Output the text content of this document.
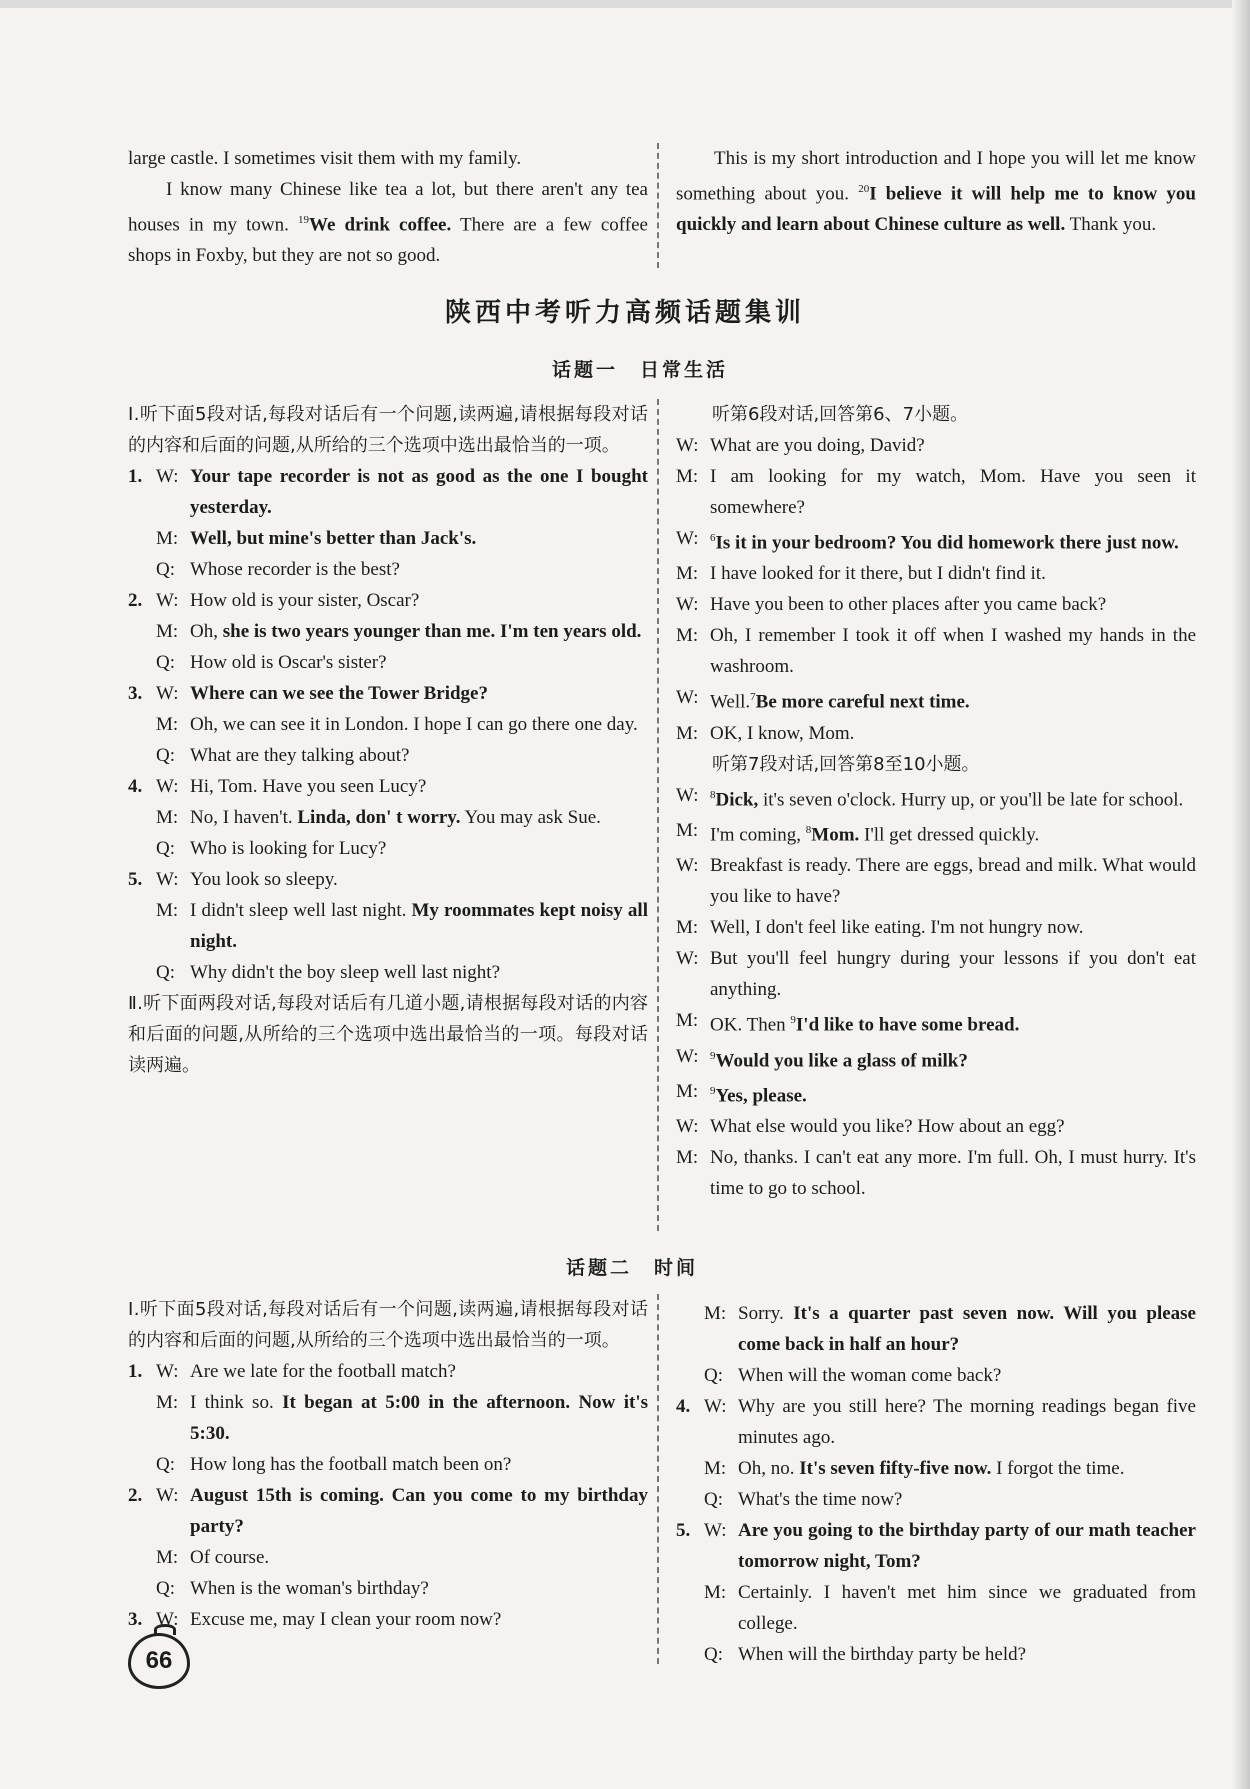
large castle. I sometimes visit them with my family.

I know many Chinese like tea a lot, but there aren't any tea houses in my town. $^{19}$We drink coffee. There are a few coffee shops in Foxby, but they are not so good.

This is my short introduction and I hope you will let me know something about you. $^{20}$I believe it will help me to know you quickly and learn about Chinese culture as well. Thank you.

陕西中考听力高频话题集训
话题一　日常生活

Ⅰ.听下面5段对话,每段对话后有一个问题,读两遍,请根据每段对话的内容和后面的问题,从所给的三个选项中选出最恰当的一项。

1. W: Your tape recorder is not as good as the one I bought yesterday.
M: Well, but mine's better than Jack's.
Q: Whose recorder is the best?
2. W: How old is your sister, Oscar?
M: Oh, she is two years younger than me. I'm ten years old.
Q: How old is Oscar's sister?
3. W: Where can we see the Tower Bridge?
M: Oh, we can see it in London. I hope I can go there one day.
Q: What are they talking about?
4. W: Hi, Tom. Have you seen Lucy?
M: No, I haven't. Linda, don' t worry. You may ask Sue.
Q: Who is looking for Lucy?
5. W: You look so sleepy.
M: I didn't sleep well last night. My roommates kept noisy all night.
Q: Why didn't the boy sleep well last night?

Ⅱ.听下面两段对话,每段对话后有几道小题,请根据每段对话的内容和后面的问题,从所给的三个选项中选出最恰当的一项。每段对话读两遍。

听第6段对话,回答第6、7小题。

W: What are you doing, David?
M: I am looking for my watch, Mom. Have you seen it somewhere?
W:	$^6$Is it in your bedroom? You did homework there just now.
M: I have looked for it there, but I didn't find it.
W: Have you been to other places after you came back?
M: Oh, I remember I took it off when I washed my hands in the washroom.
W: Well.$^7$Be more careful next time.
M: OK, I know, Mom.

听第7段对话,回答第8至10小题。

W:	$^8$Dick, it's seven o'clock. Hurry up, or you'll be late for school.
M: I'm coming, $^8$Mom. I'll get dressed quickly.
W: Breakfast is ready. There are eggs, bread and milk. What would you like to have?
M: Well, I don't feel like eating. I'm not hungry now.
W: But you'll feel hungry during your lessons if you don't eat anything.
M: OK. Then $^9$I'd like to have some bread.
W:	$^9$Would you like a glass of milk?
M:	$^9$Yes, please.
W: What else would you like? How about an egg?
M: No, thanks. I can't eat any more. I'm full. Oh, I must hurry. It's time to go to school.
话题二　时间

Ⅰ.听下面5段对话,每段对话后有一个问题,读两遍,请根据每段对话的内容和后面的问题,从所给的三个选项中选出最恰当的一项。

1. W: Are we late for the football match?
M: I think so. It began at 5:00 in the afternoon. Now it's 5:30.
Q: How long has the football match been on?
2. W: August 15th is coming. Can you come to my birthday party?
M: Of course.
Q: When is the woman's birthday?
3. W: Excuse me, may I clean your room now?
M: Sorry. It's a quarter past seven now. Will you please come back in half an hour?
Q: When will the woman come back?
4. W: Why are you still here? The morning readings began five minutes ago.
M: Oh, no. It's seven fifty-five now. I forgot the time.
Q: What's the time now?
5. W: Are you going to the birthday party of our math teacher tomorrow night, Tom?
M: Certainly. I haven't met him since we graduated from college.
Q: When will the birthday party be held?
66
